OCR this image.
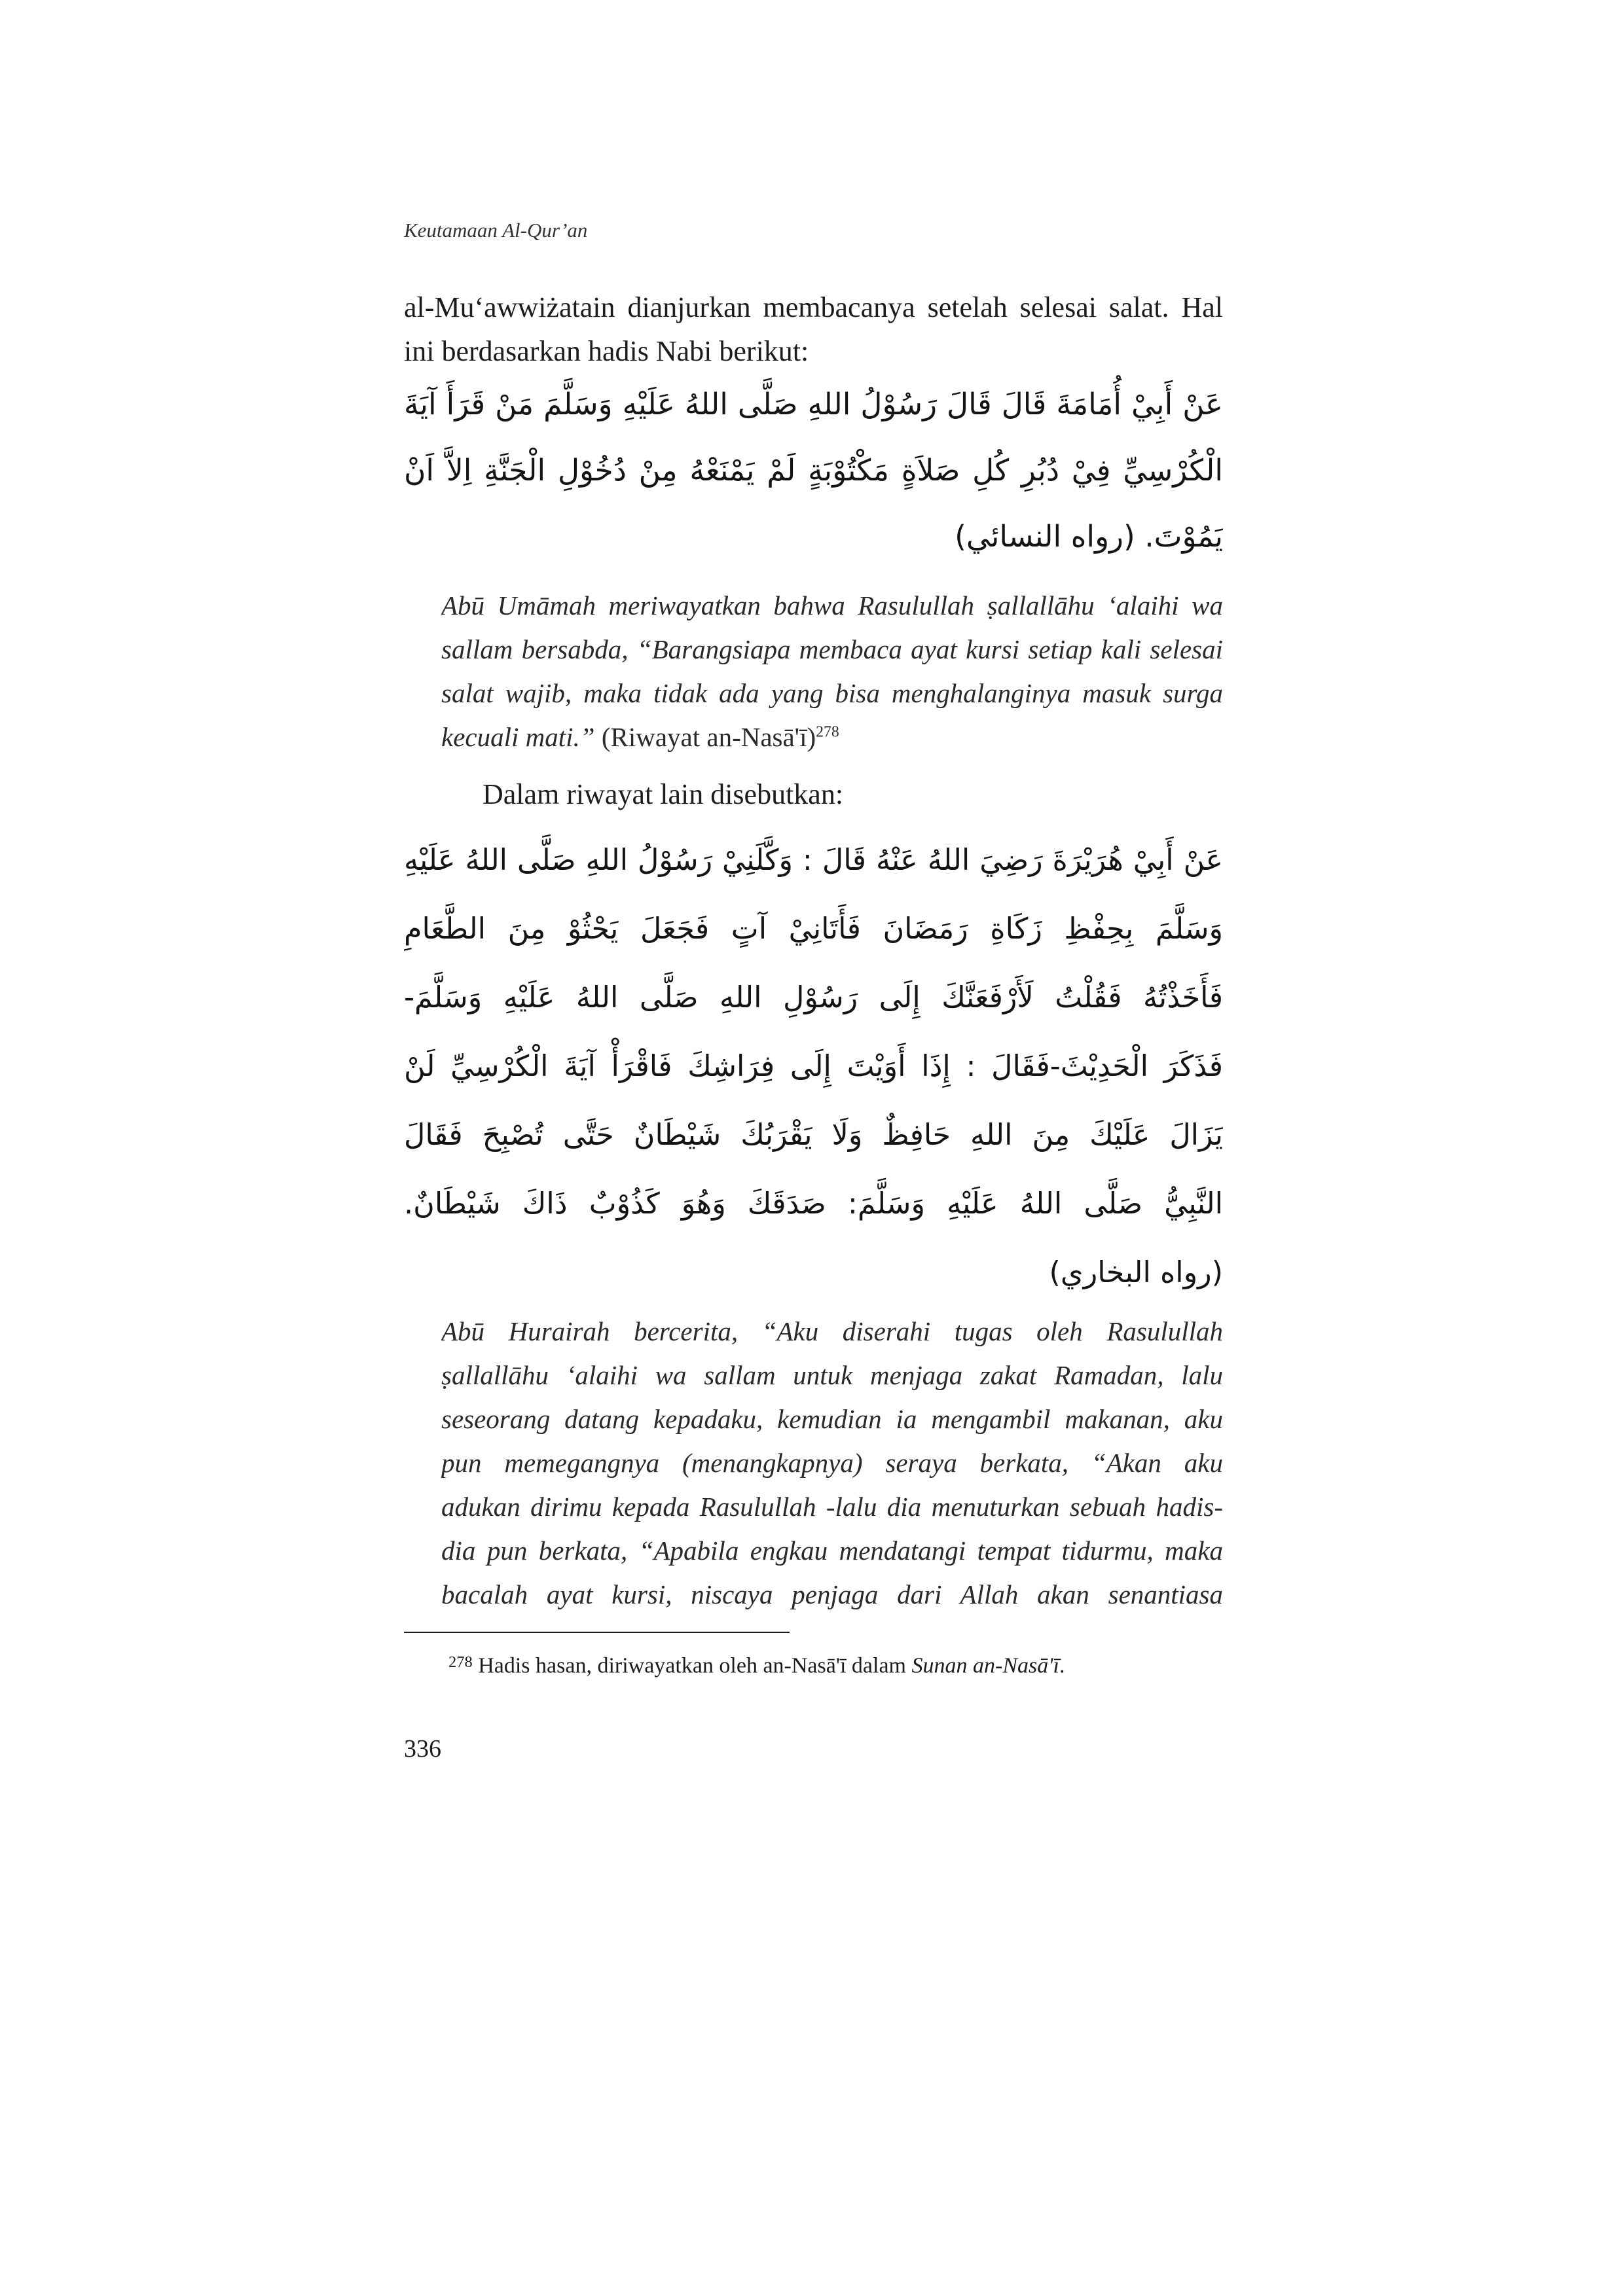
Keutamaan Al-Qur’an
al-Mu‘awwiżatain dianjurkan membacanya setelah selesai salat. Hal
ini berdasarkan hadis Nabi berikut:
عَنْ أَبِيْ أُمَامَةَ قَالَ قَالَ رَسُوْلُ اللهِ صَلَّى اللهُ عَلَيْهِ وَسَلَّمَ مَنْ قَرَأَ آيَةَ
الْكُرْسِيِّ فِيْ دُبُرِ كُلِ صَلاَةٍ مَكْتُوْبَةٍ لَمْ يَمْنَعْهُ مِنْ دُخُوْلِ الْجَنَّةِ اِلاَّ اَنْ
يَمُوْتَ. (رواه النسائي)
Abū Umāmah meriwayatkan bahwa Rasulullah ṣallallāhu ‘alaihi wa
sallam bersabda, “Barangsiapa membaca ayat kursi setiap kali selesai
salat wajib, maka tidak ada yang bisa menghalanginya masuk surga
kecuali mati.” (Riwayat an-Nasā'ī)$^{278}$
Dalam riwayat lain disebutkan:
عَنْ أَبِيْ هُرَيْرَةَ رَضِيَ اللهُ عَنْهُ قَالَ : وَكَّلَنِيْ رَسُوْلُ اللهِ صَلَّى اللهُ عَلَيْهِ
وَسَلَّمَ بِحِفْظِ زَكَاةِ رَمَضَانَ فَأَتَانِيْ آتٍ فَجَعَلَ يَحْثُوْ مِنَ الطَّعَامِ
فَأَخَذْتُهُ فَقُلْتُ لَأَرْفَعَنَّكَ إِلَى رَسُوْلِ اللهِ صَلَّى اللهُ عَلَيْهِ وَسَلَّمَ-
فَذَكَرَ الْحَدِيْثَ-فَقَالَ : إِذَا أَوَيْتَ إِلَى فِرَاشِكَ فَاقْرَأْ آيَةَ الْكُرْسِيِّ لَنْ
يَزَالَ عَلَيْكَ مِنَ اللهِ حَافِظٌ وَلَا يَقْرَبُكَ شَيْطَانٌ حَتَّى تُصْبِحَ فَقَالَ
النَّبِيُّ صَلَّى اللهُ عَلَيْهِ وَسَلَّمَ: صَدَقَكَ وَهُوَ كَذُوْبٌ ذَاكَ شَيْطَانٌ.
(رواه البخاري)
Abū Hurairah bercerita, “Aku diserahi tugas oleh Rasulullah
ṣallallāhu ‘alaihi wa sallam untuk menjaga zakat Ramadan, lalu
seseorang datang kepadaku, kemudian ia mengambil makanan, aku
pun memegangnya (menangkapnya) seraya berkata, “Akan aku
adukan dirimu kepada Rasulullah -lalu dia menuturkan sebuah hadis-
dia pun berkata, “Apabila engkau mendatangi tempat tidurmu, maka
bacalah ayat kursi, niscaya penjaga dari Allah akan senantiasa
$^{278}$ Hadis hasan, diriwayatkan oleh an-Nasā'ī dalam Sunan an-Nasā'ī.
336
